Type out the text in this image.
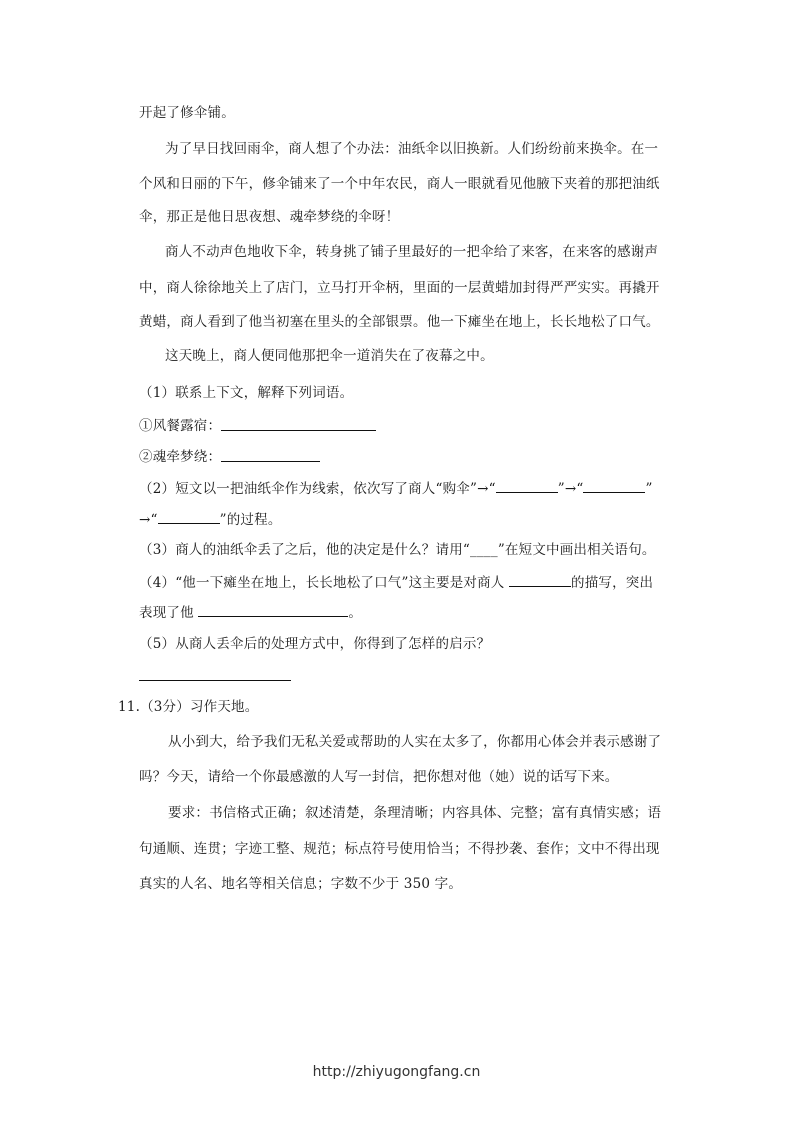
开起了修伞铺。
为了早日找回雨伞，商人想了个办法：油纸伞以旧换新。人们纷纷前来换伞。在一
个风和日丽的下午，修伞铺来了一个中年农民，商人一眼就看见他腋下夹着的那把油纸
伞，那正是他日思夜想、魂牵梦绕的伞呀！
商人不动声色地收下伞，转身挑了铺子里最好的一把伞给了来客，在来客的感谢声
中，商人徐徐地关上了店门，立马打开伞柄，里面的一层黄蜡加封得严严实实。再撬开
黄蜡，商人看到了他当初塞在里头的全部银票。他一下瘫坐在地上，长长地松了口气。
这天晚上，商人便同他那把伞一道消失在了夜幕之中。
（1）联系上下文，解释下列词语。
①风餐露宿：
②魂牵梦绕：
（2）短文以一把油纸伞作为线索，依次写了商人“购伞”→“	”→“	”
→“	”的过程。
（3）商人的油纸伞丢了之后，他的决定是什么？请用“____”在短文中画出相关语句。
（4）“他一下瘫坐在地上，长长地松了口气”这主要是对商人	的描写，突出
表现了他	。
（5）从商人丢伞后的处理方式中，你得到了怎样的启示？
11.（3分）习作天地。
从小到大，给予我们无私关爱或帮助的人实在太多了，你都用心体会并表示感谢了
吗？今天，请给一个你最感激的人写一封信，把你想对他（她）说的话写下来。
要求：书信格式正确；叙述清楚，条理清晰；内容具体、完整；富有真情实感；语
句通顺、连贯；字迹工整、规范；标点符号使用恰当；不得抄袭、套作；文中不得出现
真实的人名、地名等相关信息；字数不少于 350 字。
http://zhiyugongfang.cn
